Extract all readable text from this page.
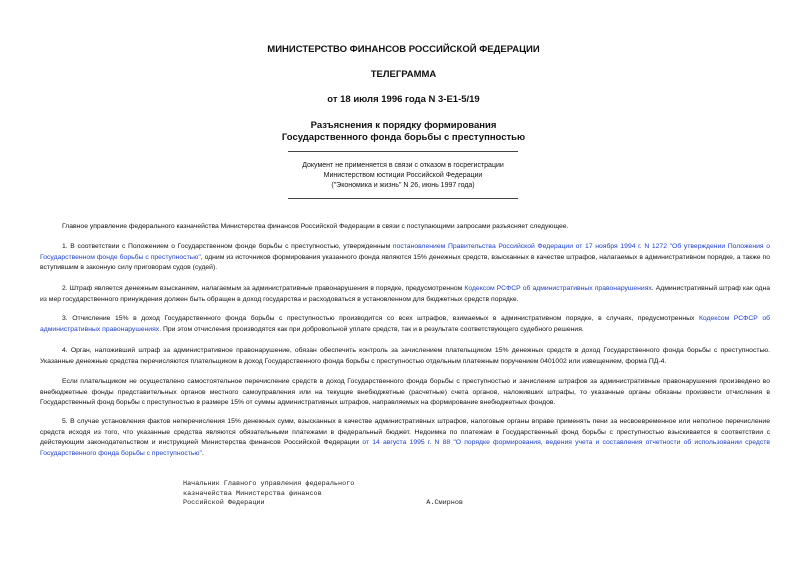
МИНИСТЕРСТВО ФИНАНСОВ РОССИЙСКОЙ ФЕДЕРАЦИИ
ТЕЛЕГРАММА
от 18 июля 1996 года N 3-Е1-5/19
Разъяснения к порядку формирования
Государственного фонда борьбы с преступностью
Документ не применяется в связи с отказом в госрегистрации
Министерством юстиции Российской Федерации
("Экономика и жизнь" N 26, июнь 1997 года)

Главное управление федерального казначейства Министерства финансов Российской Федерации в связи с поступающими запросами разъясняет следующее.

1. В соответствии с Положением о Государственном фонде борьбы с преступностью, утвержденным постановлением Правительства Российской Федерации от 17 ноября 1994 г. N 1272 "Об утверждении Положения о Государственном фонде борьбы с преступностью", одним из источников формирования указанного фонда являются 15% денежных средств, взысканных в качестве штрафов, налагаемых в административном порядке, а также по вступившим в законную силу приговорам судов (судей).

2. Штраф является денежным взысканием, налагаемым за административные правонарушения в порядке, предусмотренном Кодексом РСФСР об административных правонарушениях. Административный штраф как одна из мер государственного принуждения должен быть обращен в доход государства и расходоваться в установленном для бюджетных средств порядке.

3. Отчисление 15% в доход Государственного фонда борьбы с преступностью производится со всех штрафов, взимаемых в административном порядке, в случаях, предусмотренных Кодексом РСФСР об административных правонарушениях. При этом отчисления производятся как при добровольной уплате средств, так и в результате соответствующего судебного решения.

4. Орган, наложивший штраф за административное правонарушение, обязан обеспечить контроль за зачислением плательщиком 15% денежных средств в доход Государственного фонда борьбы с преступностью. Указанные денежные средства перечисляются плательщиком в доход Государственного фонда борьбы с преступностью отдельным платежным поручением 0401002 или извещением, форма ПД-4.

Если плательщиком не осуществлено самостоятельное перечисление средств в доход Государственного фонда борьбы с преступностью и зачисление штрафов за административные правонарушения произведено во внебюджетные фонды представительных органов местного самоуправления или на текущие внебюджетные (расчетные) счета органов, наложивших штрафы, то указанные органы обязаны произвести отчисления в Государственный фонд борьбы с преступностью в размере 15% от суммы административных штрафов, направляемых на формирование внебюджетных фондов.

5. В случае установления фактов неперечисления 15% денежных сумм, взысканных в качестве административных штрафов, налоговые органы вправе применять пени за несвоевременное или неполное перечисление средств исходя из того, что указанные средства являются обязательными платежами в федеральный бюджет. Недоимка по платежам в Государственный фонд борьбы с преступностью взыскивается в соответствии с действующим законодательством и инструкцией Министерства финансов Российской Федерации от 14 августа 1995 г. N 88 "О порядке формирования, ведения учета и составления отчетности об использовании средств Государственного фонда борьбы с преступностью".

Начальник Главного управления федерального
казначейства Министерства финансов
Российской Федерации	А.Смирнов
